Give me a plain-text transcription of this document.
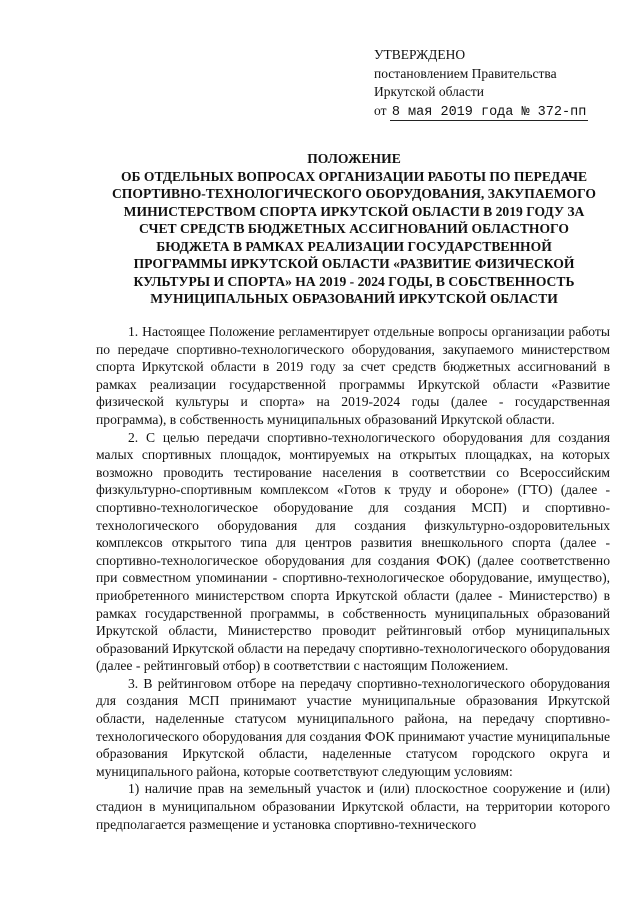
УТВЕРЖДЕНО
постановлением Правительства
Иркутской области
от 8 мая 2019 года № 372-пп
ПОЛОЖЕНИЕ
ОБ ОТДЕЛЬНЫХ ВОПРОСАХ ОРГАНИЗАЦИИ РАБОТЫ ПО ПЕРЕДАЧЕ СПОРТИВНО-ТЕХНОЛОГИЧЕСКОГО ОБОРУДОВАНИЯ, ЗАКУПАЕМОГО МИНИСТЕРСТВОМ СПОРТА ИРКУТСКОЙ ОБЛАСТИ В 2019 ГОДУ ЗА СЧЕТ СРЕДСТВ БЮДЖЕТНЫХ АССИГНОВАНИЙ ОБЛАСТНОГО БЮДЖЕТА В РАМКАХ РЕАЛИЗАЦИИ ГОСУДАРСТВЕННОЙ ПРОГРАММЫ ИРКУТСКОЙ ОБЛАСТИ «РАЗВИТИЕ ФИЗИЧЕСКОЙ КУЛЬТУРЫ И СПОРТА» НА 2019 - 2024 ГОДЫ, В СОБСТВЕННОСТЬ МУНИЦИПАЛЬНЫХ ОБРАЗОВАНИЙ ИРКУТСКОЙ ОБЛАСТИ

1. Настоящее Положение регламентирует отдельные вопросы организации работы по передаче спортивно-технологического оборудования, закупаемого министерством спорта Иркутской области в 2019 году за счет средств бюджетных ассигнований в рамках реализации государственной программы Иркутской области «Развитие физической культуры и спорта» на 2019-2024 годы (далее - государственная программа), в собственность муниципальных образований Иркутской области.

2. С целью передачи спортивно-технологического оборудования для создания малых спортивных площадок, монтируемых на открытых площадках, на которых возможно проводить тестирование населения в соответствии со Всероссийским физкультурно-спортивным комплексом «Готов к труду и обороне» (ГТО) (далее - спортивно-технологическое оборудование для создания МСП) и спортивно-технологического оборудования для создания физкультурно-оздоровительных комплексов открытого типа для центров развития внешкольного спорта (далее - спортивно-технологическое оборудования для создания ФОК) (далее соответственно при совместном упоминании - спортивно-технологическое оборудование, имущество), приобретенного министерством спорта Иркутской области (далее - Министерство) в рамках государственной программы, в собственность муниципальных образований Иркутской области, Министерство проводит рейтинговый отбор муниципальных образований Иркутской области на передачу спортивно-технологического оборудования (далее - рейтинговый отбор) в соответствии с настоящим Положением.

3. В рейтинговом отборе на передачу спортивно-технологического оборудования для создания МСП принимают участие муниципальные образования Иркутской области, наделенные статусом муниципального района, на передачу спортивно-технологического оборудования для создания ФОК принимают участие муниципальные образования Иркутской области, наделенные статусом городского округа и муниципального района, которые соответствуют следующим условиям:

1) наличие прав на земельный участок и (или) плоскостное сооружение и (или) стадион в муниципальном образовании Иркутской области, на территории которого предполагается размещение и установка спортивно-технического
